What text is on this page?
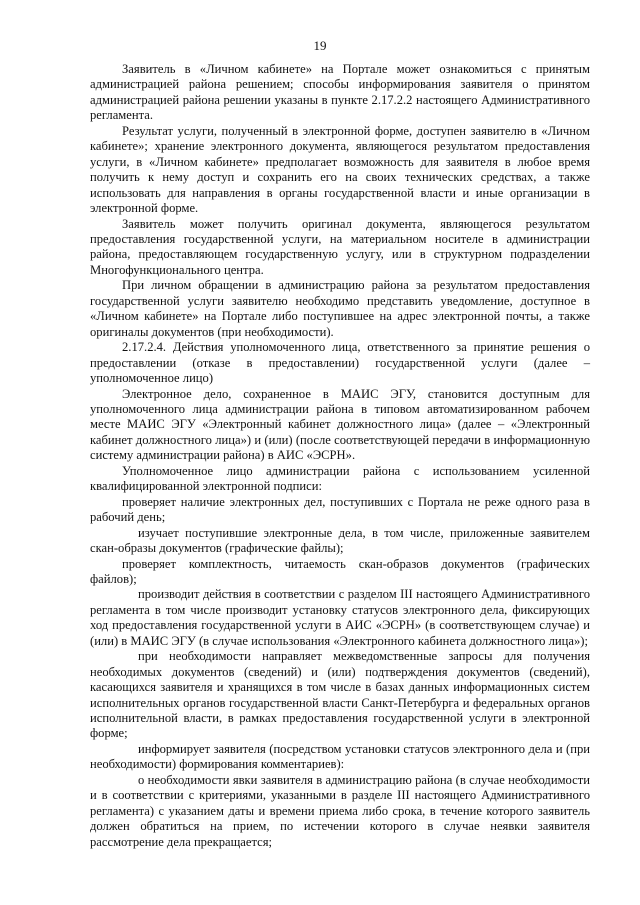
19

Заявитель в «Личном кабинете» на Портале может ознакомиться с принятым администрацией района решением; способы информирования заявителя о принятом администрацией района решении указаны в пункте 2.17.2.2 настоящего Административного регламента.

Результат услуги, полученный в электронной форме, доступен заявителю в «Личном кабинете»; хранение электронного документа, являющегося результатом предоставления услуги, в «Личном кабинете» предполагает возможность для заявителя в любое время получить к нему доступ и сохранить его на своих технических средствах, а также использовать для направления в органы государственной власти и иные организации в электронной форме.

Заявитель может получить оригинал документа, являющегося результатом предоставления государственной услуги, на материальном носителе в администрации района, предоставляющем государственную услугу, или в структурном подразделении Многофункционального центра.

При личном обращении в администрацию района за результатом предоставления государственной услуги заявителю необходимо представить уведомление, доступное в «Личном кабинете» на Портале либо поступившее на адрес электронной почты, а также оригиналы документов (при необходимости).

2.17.2.4. Действия уполномоченного лица, ответственного за принятие решения о предоставлении (отказе в предоставлении) государственной услуги (далее – уполномоченное лицо)

Электронное дело, сохраненное в МАИС ЭГУ, становится доступным для уполномоченного лица администрации района в типовом автоматизированном рабочем месте МАИС ЭГУ «Электронный кабинет должностного лица» (далее – «Электронный кабинет должностного лица») и (или) (после соответствующей передачи в информационную систему администрации района) в АИС «ЭСРН».

Уполномоченное лицо администрации района с использованием усиленной квалифицированной электронной подписи:

проверяет наличие электронных дел, поступивших с Портала не реже одного раза в рабочий день;

изучает поступившие электронные дела, в том числе, приложенные заявителем скан-образы документов (графические файлы);

проверяет комплектность, читаемость скан-образов документов (графических файлов);

производит действия в соответствии с разделом III настоящего Административного регламента в том числе производит установку статусов электронного дела, фиксирующих ход предоставления государственной услуги в АИС «ЭСРН» (в соответствующем случае) и (или) в МАИС ЭГУ (в случае использования «Электронного кабинета должностного лица»);

при необходимости направляет межведомственные запросы для получения необходимых документов (сведений) и (или) подтверждения документов (сведений), касающихся заявителя и хранящихся в том числе в базах данных информационных систем исполнительных органов государственной власти Санкт-Петербурга и федеральных органов исполнительной власти, в рамках предоставления государственной услуги в электронной форме;

информирует заявителя (посредством установки статусов электронного дела и (при необходимости) формирования комментариев):

о необходимости явки заявителя в администрацию района (в случае необходимости и в соответствии с критериями, указанными в разделе III настоящего Административного регламента) с указанием даты и времени приема либо срока, в течение которого заявитель должен обратиться на прием, по истечении которого в случае неявки заявителя рассмотрение дела прекращается;
